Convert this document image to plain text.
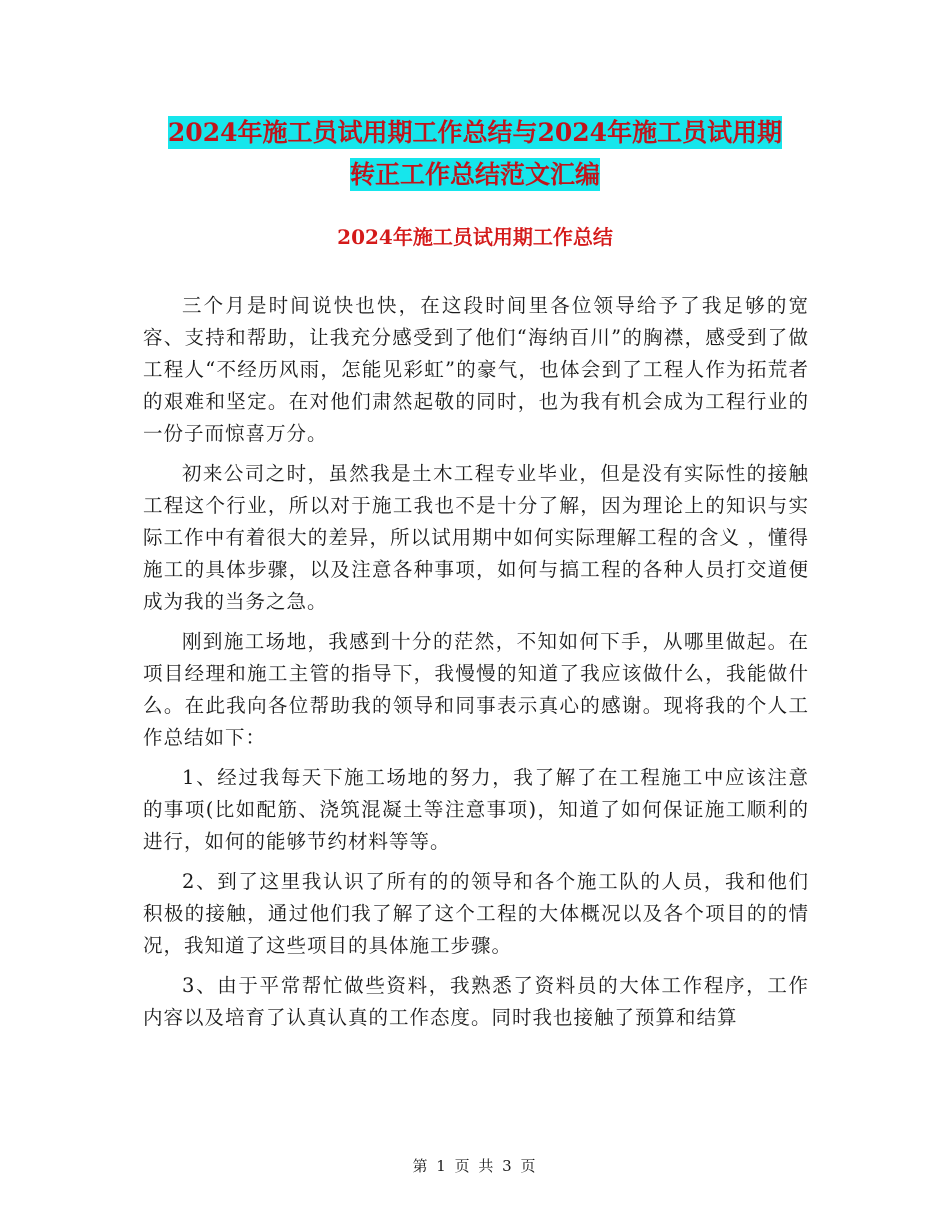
2024年施工员试用期工作总结与2024年施工员试用期
转正工作总结范文汇编
2024年施工员试用期工作总结

三个月是时间说快也快，在这段时间里各位领导给予了我足够的宽容、支持和帮助，让我充分感受到了他们“海纳百川”的胸襟，感受到了做工程人“不经历风雨，怎能见彩虹”的豪气，也体会到了工程人作为拓荒者的艰难和坚定。在对他们肃然起敬的同时，也为我有机会成为工程行业的一份子而惊喜万分。

初来公司之时，虽然我是土木工程专业毕业，但是没有实际性的接触工程这个行业，所以对于施工我也不是十分了解，因为理论上的知识与实际工作中有着很大的差异，所以试用期中如何实际理解工程的含义 ，懂得施工的具体步骤，以及注意各种事项，如何与搞工程的各种人员打交道便成为我的当务之急。

刚到施工场地，我感到十分的茫然，不知如何下手，从哪里做起。在项目经理和施工主管的指导下，我慢慢的知道了我应该做什么，我能做什么。在此我向各位帮助我的领导和同事表示真心的感谢。现将我的个人工作总结如下：

1、经过我每天下施工场地的努力，我了解了在工程施工中应该注意的事项(比如配筋、浇筑混凝土等注意事项)，知道了如何保证施工顺利的进行，如何的能够节约材料等等。

2、到了这里我认识了所有的的领导和各个施工队的人员，我和他们积极的接触，通过他们我了解了这个工程的大体概况以及各个项目的的情况，我知道了这些项目的具体施工步骤。

3、由于平常帮忙做些资料，我熟悉了资料员的大体工作程序，工作内容以及培育了认真认真的工作态度。同时我也接触了预算和结算

第 1 页 共 3 页
